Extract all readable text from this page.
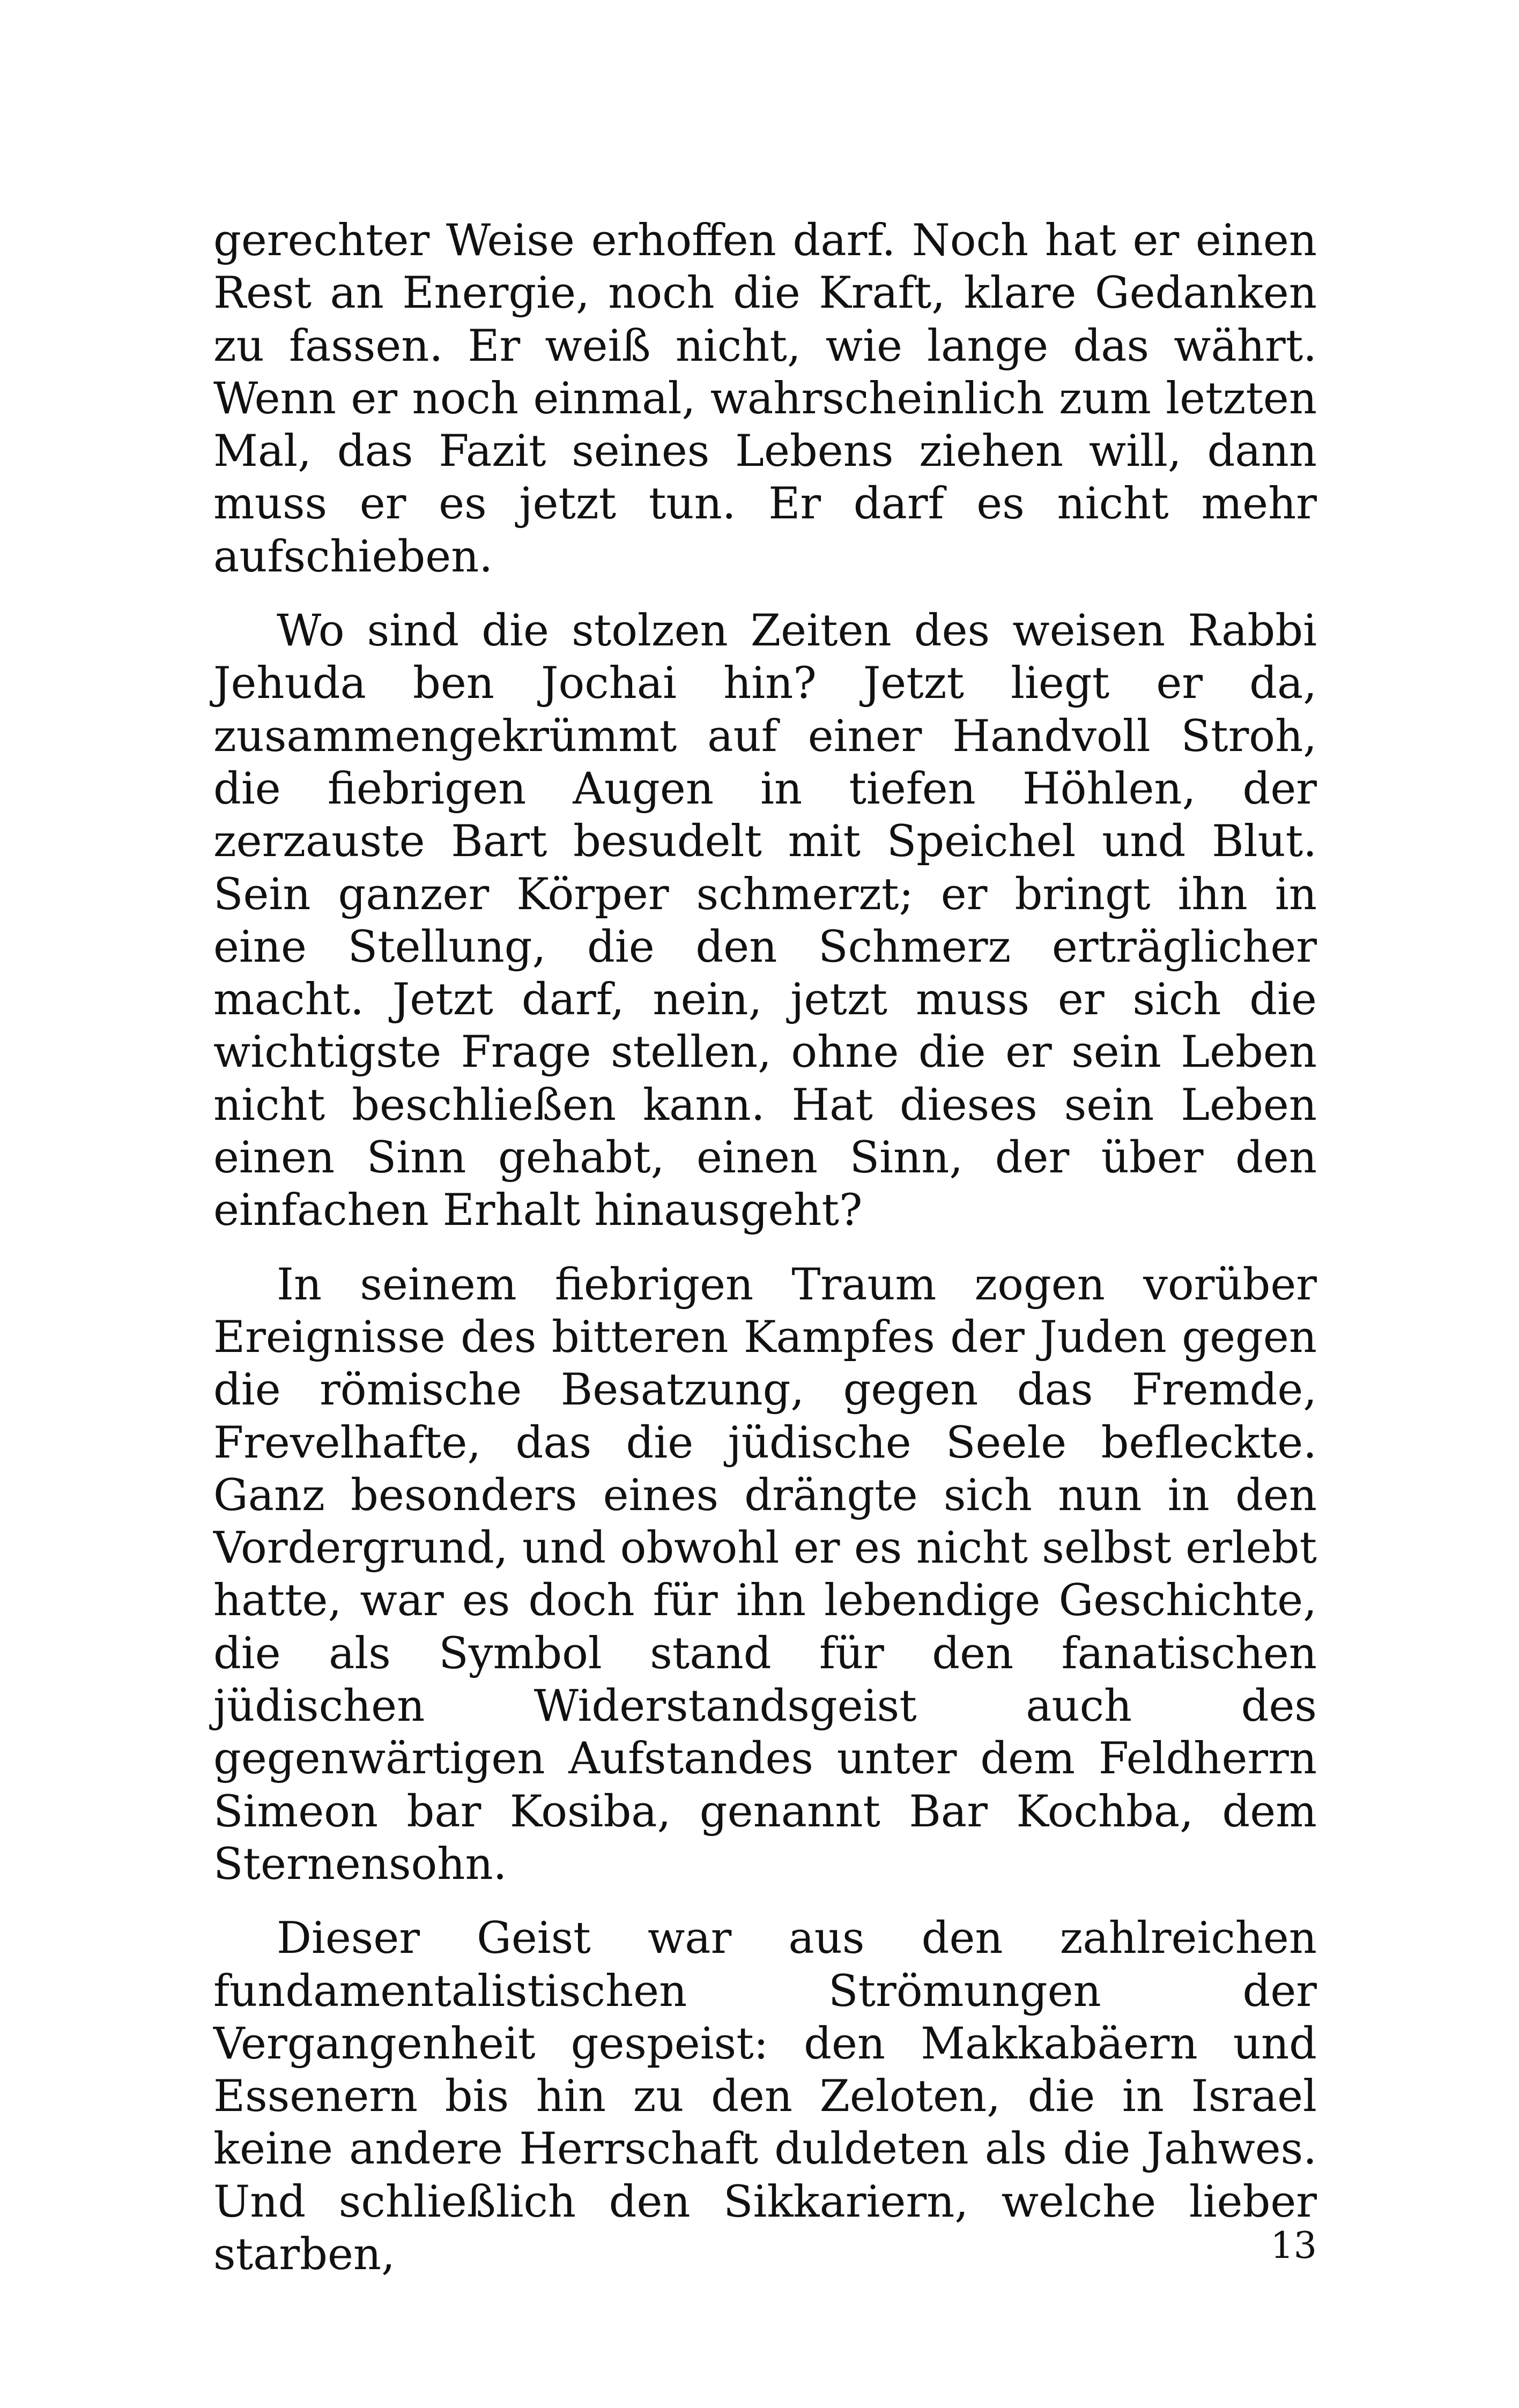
gerechter Weise erhoffen darf. Noch hat er einen Rest an Energie, noch die Kraft, klare Gedanken zu fassen. Er weiß nicht, wie lange das währt. Wenn er noch einmal, wahrscheinlich zum letzten Mal, das Fazit seines Lebens ziehen will, dann muss er es jetzt tun. Er darf es nicht mehr aufschieben.

Wo sind die stolzen Zeiten des weisen Rabbi Jehuda ben Jochai hin? Jetzt liegt er da, zusammengekrümmt auf einer Handvoll Stroh, die fiebrigen Augen in tiefen Höhlen, der zerzauste Bart besudelt mit Speichel und Blut. Sein ganzer Körper schmerzt; er bringt ihn in eine Stellung, die den Schmerz erträglicher macht. Jetzt darf, nein, jetzt muss er sich die wichtigste Frage stellen, ohne die er sein Leben nicht beschließen kann. Hat dieses sein Leben einen Sinn gehabt, einen Sinn, der über den einfachen Erhalt hinausgeht?

In seinem fiebrigen Traum zogen vorüber Ereignisse des bitteren Kampfes der Juden gegen die römische Besatzung, gegen das Fremde, Frevelhafte, das die jüdische Seele befleckte. Ganz besonders eines drängte sich nun in den Vordergrund, und obwohl er es nicht selbst erlebt hatte, war es doch für ihn lebendige Geschichte, die als Symbol stand für den fanatischen jüdischen Widerstandsgeist auch des gegenwärtigen Aufstandes unter dem Feldherrn Simeon bar Kosiba, genannt Bar Kochba, dem Sternensohn.

Dieser Geist war aus den zahlreichen fundamentalistischen Strömungen der Vergangenheit gespeist: den Makkabäern und Essenern bis hin zu den Zeloten, die in Israel keine andere Herrschaft duldeten als die Jahwes. Und schließlich den Sikkariern, welche lieber starben,	13
